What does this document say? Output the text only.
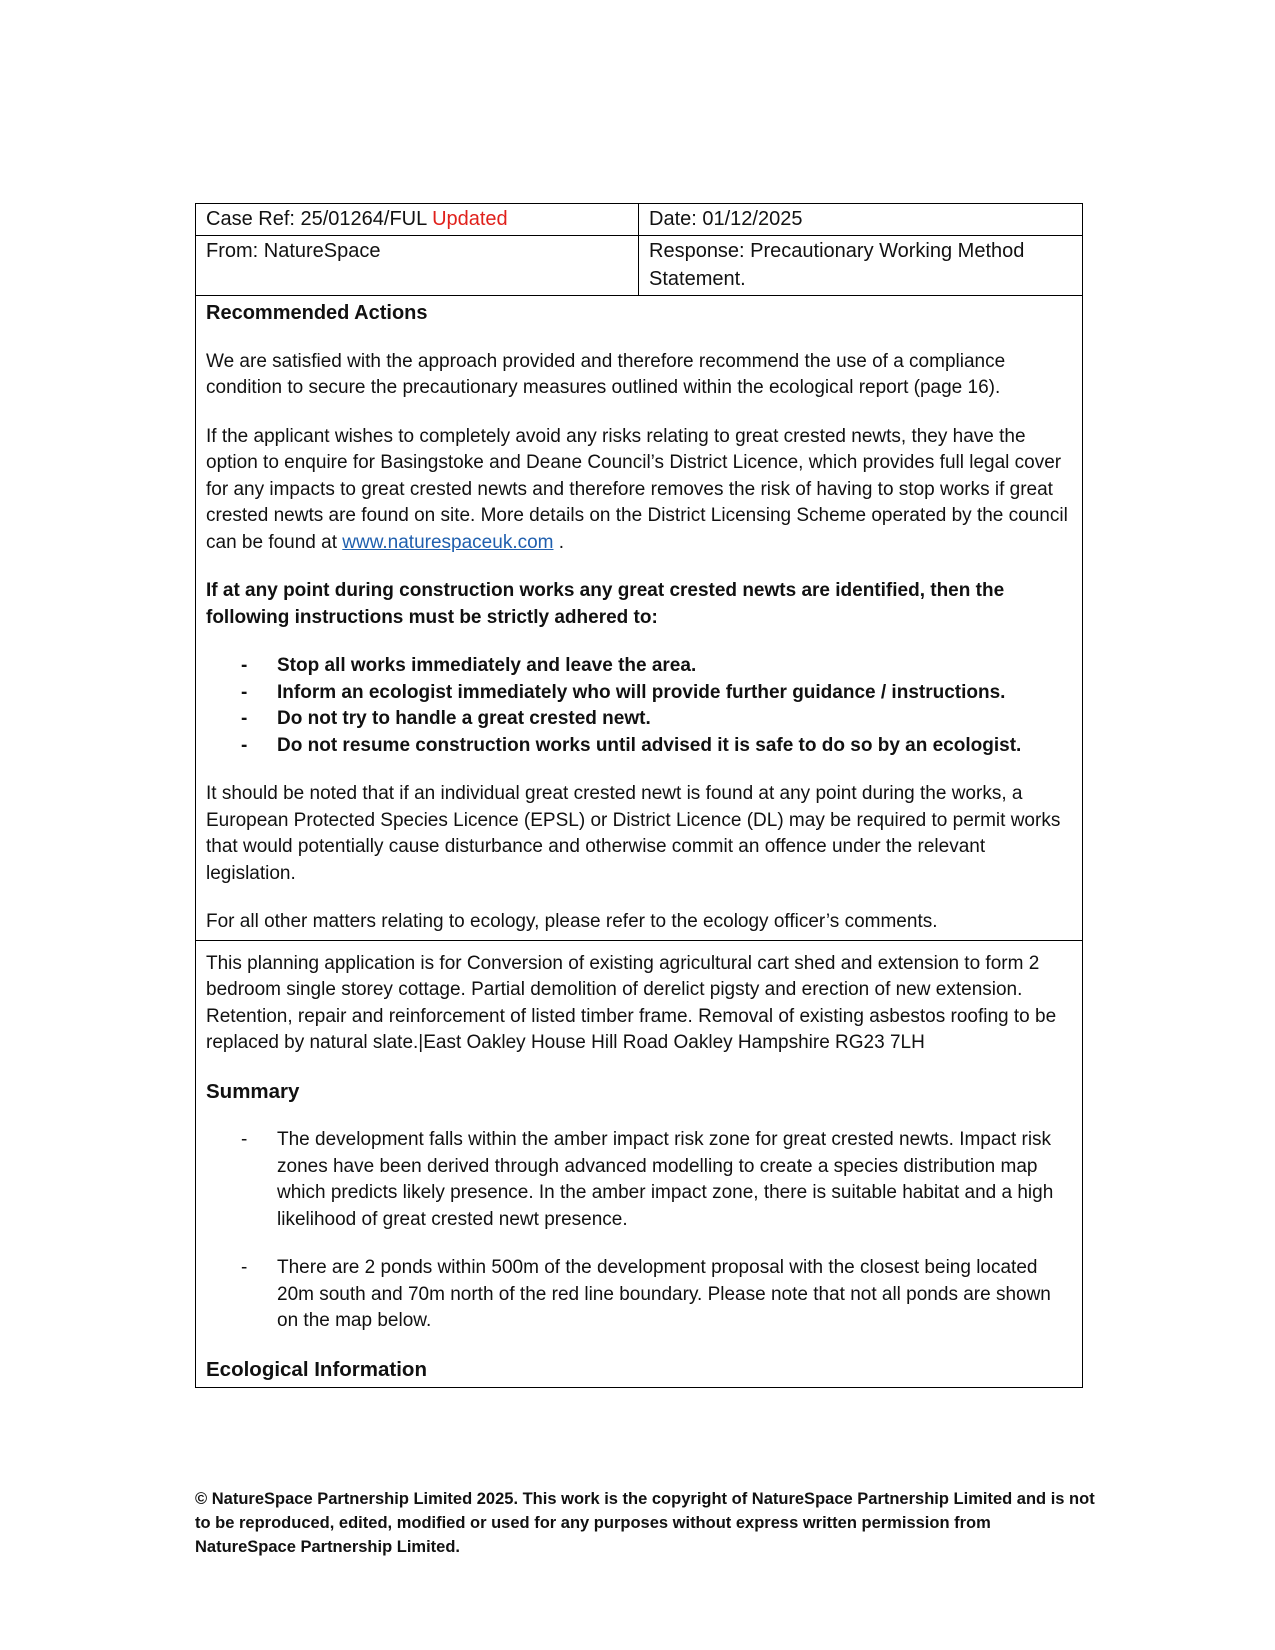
Case Ref: 25/01264/FUL Updated	Date: 01/12/2025
From: NatureSpace	Response: Precautionary Working Method Statement.

Recommended Actions

We are satisfied with the approach provided and therefore recommend the use of a compliance condition to secure the precautionary measures outlined within the ecological report (page 16).

If the applicant wishes to completely avoid any risks relating to great crested newts, they have the option to enquire for Basingstoke and Deane Council’s District Licence, which provides full legal cover for any impacts to great crested newts and therefore removes the risk of having to stop works if great crested newts are found on site. More details on the District Licensing Scheme operated by the council can be found at www.naturespaceuk.com .

If at any point during construction works any great crested newts are identified, then the following instructions must be strictly adhered to:

- Stop all works immediately and leave the area.
- Inform an ecologist immediately who will provide further guidance / instructions.
- Do not try to handle a great crested newt.
- Do not resume construction works until advised it is safe to do so by an ecologist.

It should be noted that if an individual great crested newt is found at any point during the works, a European Protected Species Licence (EPSL) or District Licence (DL) may be required to permit works that would potentially cause disturbance and otherwise commit an offence under the relevant legislation.

For all other matters relating to ecology, please refer to the ecology officer’s comments.

This planning application is for Conversion of existing agricultural cart shed and extension to form 2 bedroom single storey cottage. Partial demolition of derelict pigsty and erection of new extension. Retention, repair and reinforcement of listed timber frame. Removal of existing asbestos roofing to be replaced by natural slate.|East Oakley House Hill Road Oakley Hampshire RG23 7LH

Summary

- The development falls within the amber impact risk zone for great crested newts. Impact risk zones have been derived through advanced modelling to create a species distribution map which predicts likely presence. In the amber impact zone, there is suitable habitat and a high likelihood of great crested newt presence.
- There are 2 ponds within 500m of the development proposal with the closest being located 20m south and 70m north of the red line boundary. Please note that not all ponds are shown on the map below.

Ecological Information

© NatureSpace Partnership Limited 2025. This work is the copyright of NatureSpace Partnership Limited and is not to be reproduced, edited, modified or used for any purposes without express written permission from NatureSpace Partnership Limited.
